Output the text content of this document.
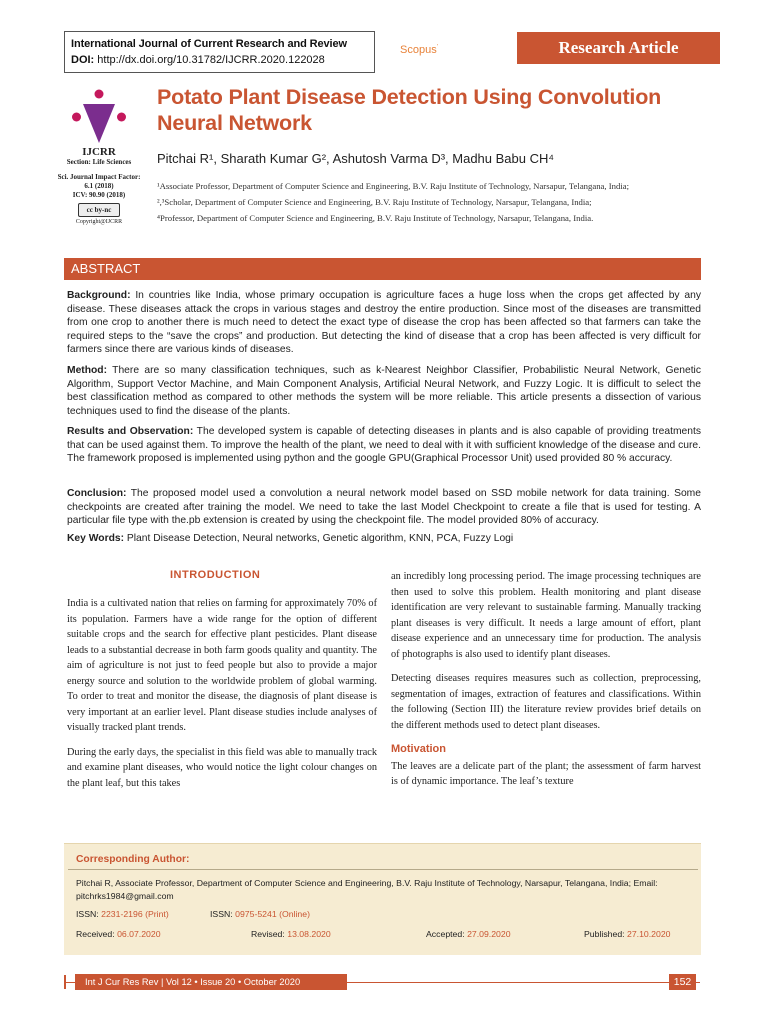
International Journal of Current Research and Review
DOI: http://dx.doi.org/10.31782/IJCRR.2020.122028
Scopus'	Research Article
IJCRR
Section: Life Sciences
Sci. Journal Impact Factor: 6.1 (2018)
ICV: 90.90 (2018)
cc by-nc
Copyright@IJCRR
Potato Plant Disease Detection Using Convolution Neural Network
Pitchai R¹, Sharath Kumar G², Ashutosh Varma D³, Madhu Babu CH⁴
¹Associate Professor, Department of Computer Science and Engineering, B.V. Raju Institute of Technology, Narsapur, Telangana, India;
²,³Scholar, Department of Computer Science and Engineering, B.V. Raju Institute of Technology, Narsapur, Telangana, India;
⁴Professor, Department of Computer Science and Engineering, B.V. Raju Institute of Technology, Narsapur, Telangana, India.
ABSTRACT
Background: In countries like India, whose primary occupation is agriculture faces a huge loss when the crops get affected by any disease. These diseases attack the crops in various stages and destroy the entire production. Since most of the diseases are transmitted from one crop to another there is much need to detect the exact type of disease the crop has been affected so that farmers can take the required steps to the “save the crops” and production. But detecting the kind of disease that a crop has been affected is very difficult for farmers since there are various kinds of diseases.
Method: There are so many classification techniques, such as k-Nearest Neighbor Classifier, Probabilistic Neural Network, Genetic Algorithm, Support Vector Machine, and Main Component Analysis, Artificial Neural Network, and Fuzzy Logic. It is difficult to select the best classification method as compared to other methods the system will be more reliable. This article presents a dissection of various techniques used to find the disease of the plants.
Results and Observation: The developed system is capable of detecting diseases in plants and is also capable of providing treatments that can be used against them. To improve the health of the plant, we need to deal with it with sufficient knowledge of the disease and cure. The framework proposed is implemented using python and the google GPU(Graphical Processor Unit) used provided 80 % accuracy.
Conclusion: The proposed model used a convolution a neural network model based on SSD mobile network for data training. Some checkpoints are created after training the model. We need to take the last Model Checkpoint to create a file that is used for testing. A particular file type with the.pb extension is created by using the checkpoint file. The model provided 80% of accuracy.
Key Words: Plant Disease Detection, Neural networks, Genetic algorithm, KNN, PCA, Fuzzy Logi
INTRODUCTION

India is a cultivated nation that relies on farming for approximately 70% of its population. Farmers have a wide range for the option of different suitable crops and the search for effective plant pesticides. Plant disease leads to a substantial decrease in both farm goods quality and quantity. The aim of agriculture is not just to feed people but also to provide a major energy source and solution to the worldwide problem of global warming. To order to treat and monitor the disease, the diagnosis of plant disease is very important at an earlier level. Plant disease studies include analyses of visually tracked plant trends.

During the early days, the specialist in this field was able to manually track and examine plant diseases, who would notice the light colour changes on the plant leaf, but this takes

an incredibly long processing period. The image processing techniques are then used to solve this problem. Health monitoring and plant disease identification are very relevant to sustainable farming. Manually tracking plant diseases is very difficult. It needs a large amount of effort, plant disease experience and an unnecessary time for production. The analysis of photographs is also used to identify plant diseases.

Detecting diseases requires measures such as collection, preprocessing, segmentation of images, extraction of features and classifications. Within the following (Section III) the literature review provides brief details on the different methods used to detect plant diseases.

Motivation

The leaves are a delicate part of the plant; the assessment of farm harvest is of dynamic importance. The leaf’s texture

Corresponding Author:
Pitchai R, Associate Professor, Department of Computer Science and Engineering, B.V. Raju Institute of Technology, Narsapur, Telangana, India; Email: pitchrks1984@gmail.com
ISSN: 2231-2196 (Print)	ISSN: 0975-5241 (Online)
Received: 06.07.2020	Revised: 13.08.2020	Accepted: 27.09.2020	Published: 27.10.2020
Int J Cur Res Rev | Vol 12 • Issue 20 • October 2020	152
